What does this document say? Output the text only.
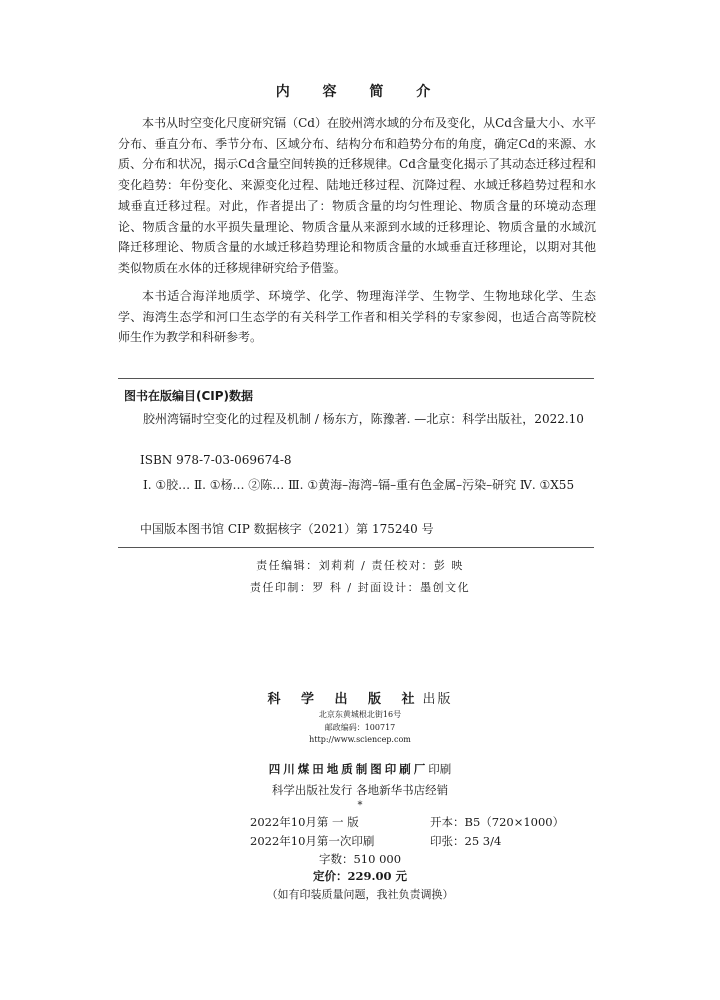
内 容 简 介

本书从时空变化尺度研究镉（Cd）在胶州湾水域的分布及变化，从Cd含量大小、水平分布、垂直分布、季节分布、区域分布、结构分布和趋势分布的角度，确定Cd的来源、水质、分布和状况，揭示Cd含量空间转换的迁移规律。Cd含量变化揭示了其动态迁移过程和变化趋势：年份变化、来源变化过程、陆地迁移过程、沉降过程、水域迁移趋势过程和水域垂直迁移过程。对此，作者提出了：物质含量的均匀性理论、物质含量的环境动态理论、物质含量的水平损失量理论、物质含量从来源到水域的迁移理论、物质含量的水域沉降迁移理论、物质含量的水域迁移趋势理论和物质含量的水域垂直迁移理论，以期对其他类似物质在水体的迁移规律研究给予借鉴。

本书适合海洋地质学、环境学、化学、物理海洋学、生物学、生物地球化学、生态学、海湾生态学和河口生态学的有关科学工作者和相关学科的专家参阅，也适合高等院校师生作为教学和科研参考。

图书在版编目(CIP)数据

胶州湾镉时空变化的过程及机制 / 杨东方，陈豫著. —北京：科学出版社，2022.10

ISBN 978-7-03-069674-8

Ⅰ. ①胶… Ⅱ. ①杨… ②陈… Ⅲ. ①黄海–海湾–镉–重有色金属–污染–研究 Ⅳ. ①X55

中国版本图书馆 CIP 数据核字（2021）第 175240 号

责任编辑：刘莉莉 / 责任校对：彭 映
责任印制：罗 科 / 封面设计：墨创文化
科 学 出 版 社出版
北京东黄城根北街16号
邮政编码：100717
http://www.sciencep.com
四川煤田地质制图印刷厂印刷
科学出版社发行 各地新华书店经销
*
2022年10月第 一 版	开本：B5（720×1000）
2022年10月第一次印刷	印张：25 3/4
字数：510 000
定价：229.00 元
（如有印装质量问题，我社负责调换）
